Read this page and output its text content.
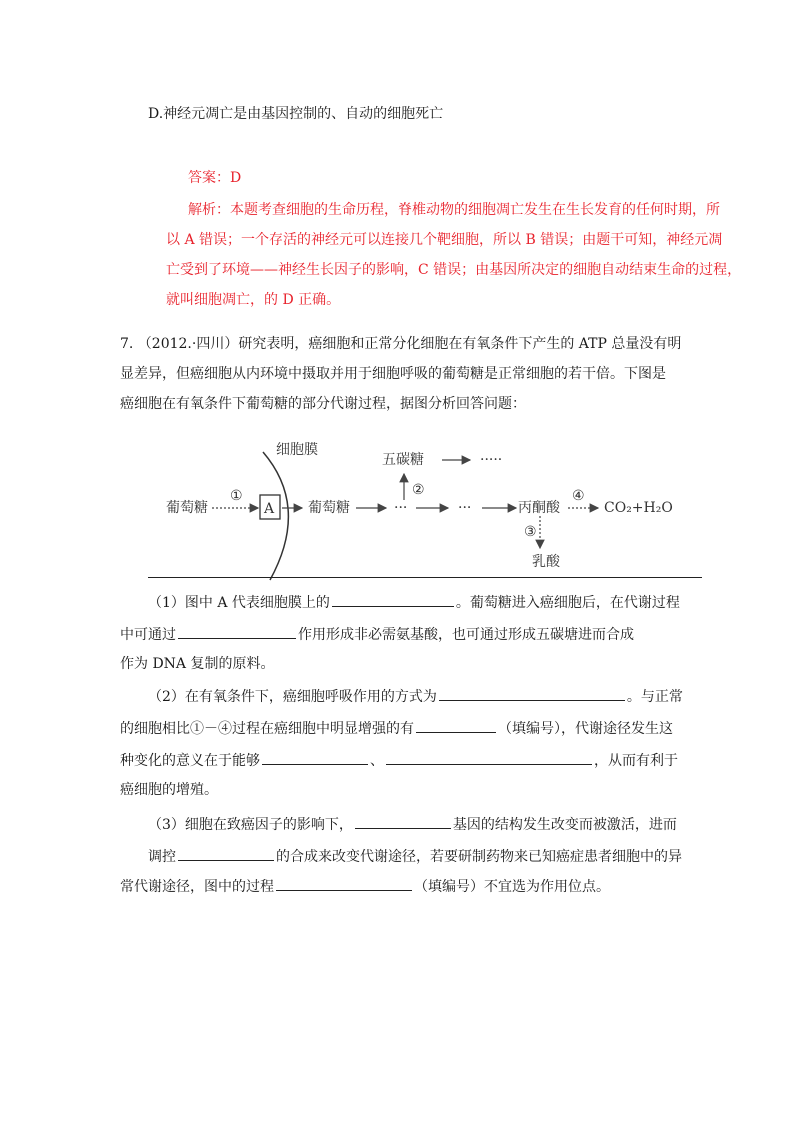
D.神经元凋亡是由基因控制的、自动的细胞死亡
答案：D
解析：本题考查细胞的生命历程，脊椎动物的细胞凋亡发生在生长发育的任何时期，所
以 A 错误；一个存活的神经元可以连接几个靶细胞，所以 B 错误；由题干可知，神经元凋
亡受到了环境——神经生长因子的影响，C 错误；由基因所决定的细胞自动结束生命的过程，
就叫细胞凋亡，的 D 正确。
7. （2012.·四川）研究表明，癌细胞和正常分化细胞在有氧条件下产生的 ATP 总量没有明
显差异，但癌细胞从内环境中摄取并用于细胞呼吸的葡萄糖是正常细胞的若干倍。下图是
癌细胞在有氧条件下葡萄糖的部分代谢过程，据图分析回答问题：
细胞膜
葡萄糖
①
A 葡萄糖	···	···
②
五碳糖	·····
丙酮酸
④
CO₂+H₂O
③
乳酸
（1）图中 A 代表细胞膜上的	。葡萄糖进入癌细胞后，在代谢过程
中可通过	作用形成非必需氨基酸，也可通过形成五碳塘进而合成
作为 DNA 复制的原料。
（2）在有氧条件下，癌细胞呼吸作用的方式为	。与正常
的细胞相比①－④过程在癌细胞中明显增强的有	（填编号），代谢途径发生这
种变化的意义在于能够	、	，从而有利于
癌细胞的增殖。
（3）细胞在致癌因子的影响下，	基因的结构发生改变而被激活，进而
调控	的合成来改变代谢途径，若要研制药物来已知癌症患者细胞中的异
常代谢途径，图中的过程	（填编号）不宜选为作用位点。
